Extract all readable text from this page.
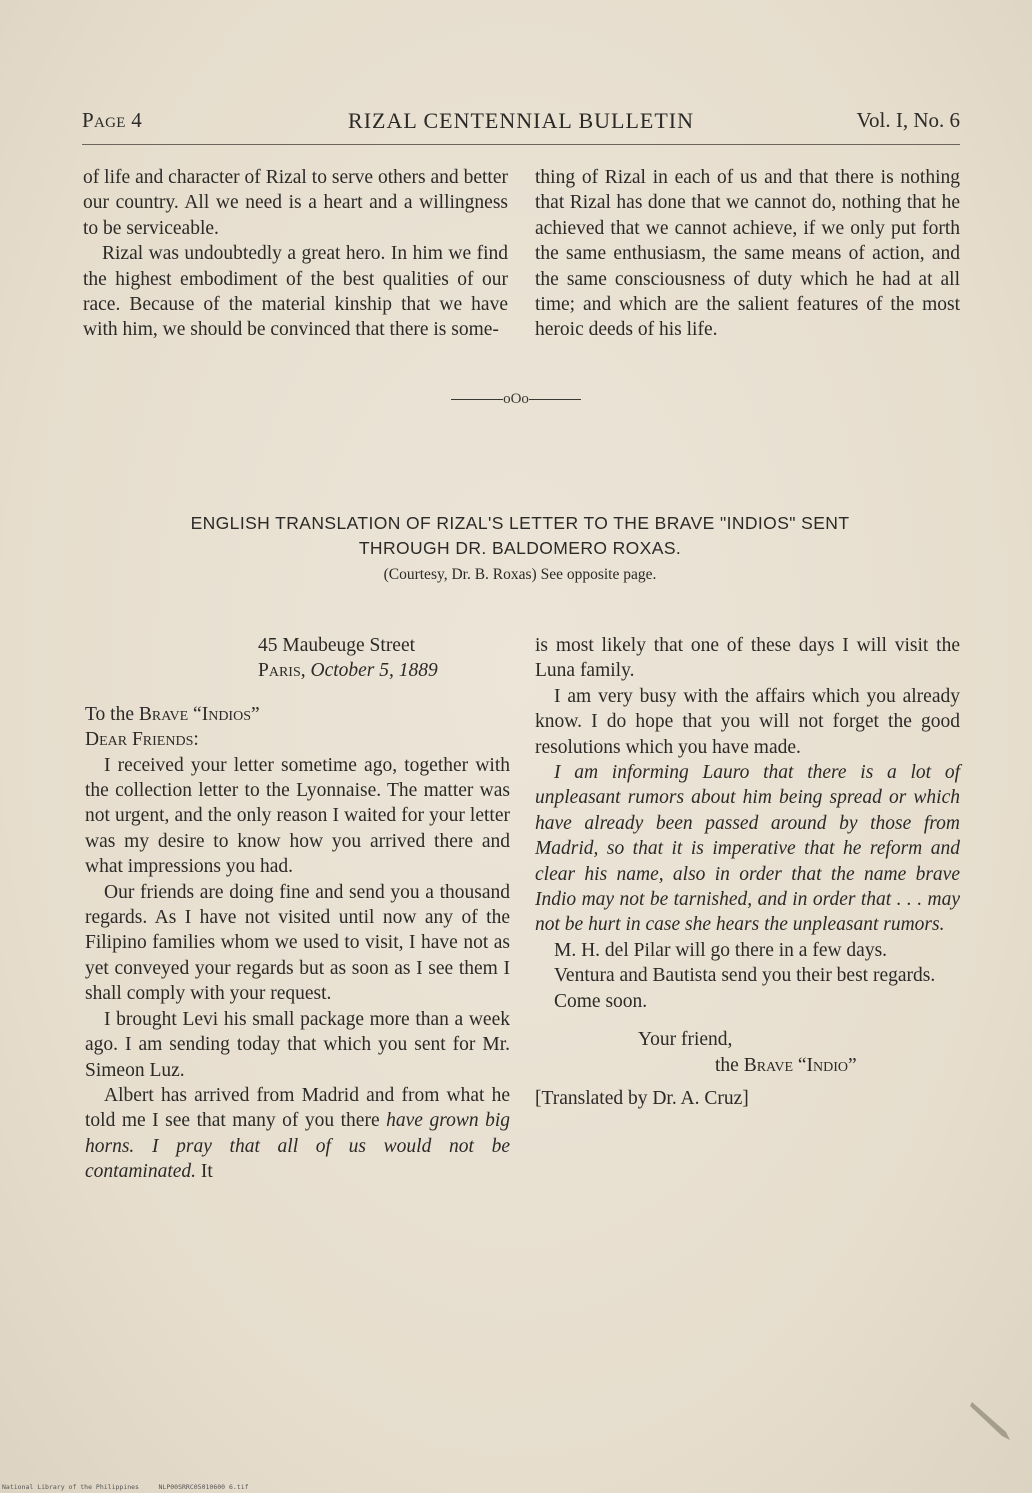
Page 4	RIZAL CENTENNIAL BULLETIN	Vol. I, No. 6

of life and character of Rizal to serve others and better our country. All we need is a heart and a willingness to be serviceable.

Rizal was undoubtedly a great hero. In him we find the highest embodiment of the best qualities of our race. Because of the material kinship that we have with him, we should be convinced that there is some-

thing of Rizal in each of us and that there is nothing that Rizal has done that we cannot do, nothing that he achieved that we cannot achieve, if we only put forth the same enthusiasm, the same means of action, and the same consciousness of duty which he had at all time; and which are the salient features of the most heroic deeds of his life.

oOo
ENGLISH TRANSLATION OF RIZAL'S LETTER TO THE BRAVE "INDIOS" SENT
THROUGH DR. BALDOMERO ROXAS.
(Courtesy, Dr. B. Roxas) See opposite page.

45 Maubeuge Street

Paris, October 5, 1889

To the Brave “Indios”

Dear Friends:

I received your letter sometime ago, together with the collection letter to the Lyonnaise. The matter was not urgent, and the only reason I waited for your letter was my desire to know how you arrived there and what impressions you had.

Our friends are doing fine and send you a thousand regards. As I have not visited until now any of the Filipino families whom we used to visit, I have not as yet conveyed your regards but as soon as I see them I shall comply with your request.

I brought Levi his small package more than a week ago. I am sending today that which you sent for Mr. Simeon Luz.

Albert has arrived from Madrid and from what he told me I see that many of you there have grown big horns. I pray that all of us would not be contaminated. It

is most likely that one of these days I will visit the Luna family.

I am very busy with the affairs which you already know. I do hope that you will not forget the good resolutions which you have made.

I am informing Lauro that there is a lot of unpleasant rumors about him being spread or which have already been passed around by those from Madrid, so that it is imperative that he reform and clear his name, also in order that the name brave Indio may not be tarnished, and in order that . . . may not be hurt in case she hears the unpleasant rumors.

M. H. del Pilar will go there in a few days.

Ventura and Bautista send you their best regards.

Come soon.

Your friend,

the Brave “Indio”

[Translated by Dr. A. Cruz]

National Library of the Philippines     NLP00SRRC05010600 6.tif
